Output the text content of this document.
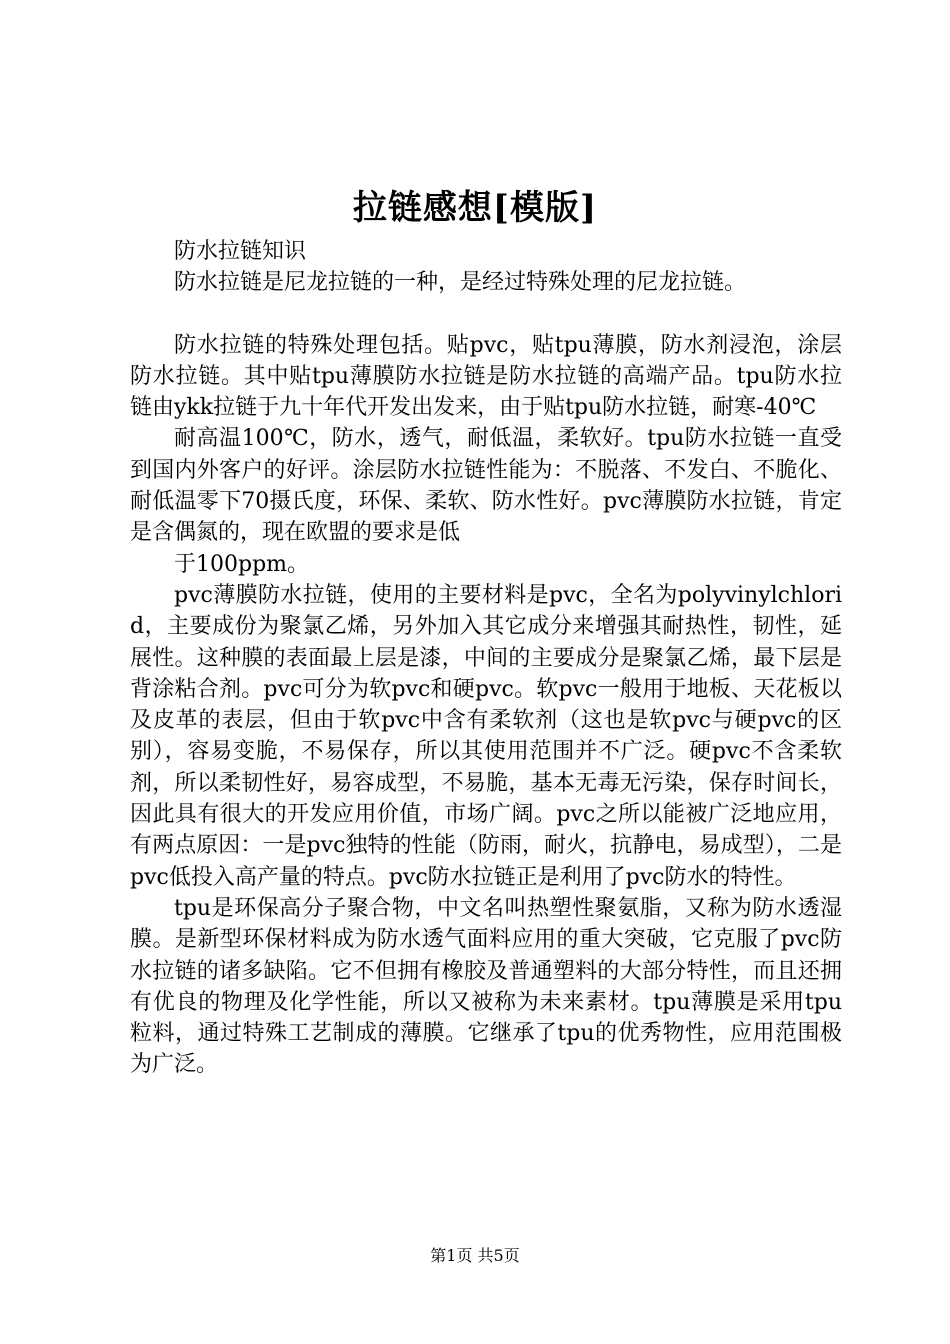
拉链感想[模版]

防水拉链知识

防水拉链是尼龙拉链的一种，是经过特殊处理的尼龙拉链。

防水拉链的特殊处理包括。贴pvc，贴tpu薄膜，防水剂浸泡，涂层防水拉链。其中贴tpu薄膜防水拉链是防水拉链的高端产品。tpu防水拉链由ykk拉链于九十年代开发出发来，由于贴tpu防水拉链，耐寒-40℃

耐高温100℃，防水，透气，耐低温，柔软好。tpu防水拉链一直受到国内外客户的好评。涂层防水拉链性能为：不脱落、不发白、不脆化、耐低温零下70摄氏度，环保、柔软、防水性好。pvc薄膜防水拉链，肯定是含偶氮的，现在欧盟的要求是低

于100ppm。

pvc薄膜防水拉链，使用的主要材料是pvc，全名为polyvinylchlorid，主要成份为聚氯乙烯，另外加入其它成分来增强其耐热性，韧性，延展性。这种膜的表面最上层是漆，中间的主要成分是聚氯乙烯，最下层是背涂粘合剂。pvc可分为软pvc和硬pvc。软pvc一般用于地板、天花板以及皮革的表层，但由于软pvc中含有柔软剂（这也是软pvc与硬pvc的区别），容易变脆，不易保存，所以其使用范围并不广泛。硬pvc不含柔软剂，所以柔韧性好，易容成型，不易脆，基本无毒无污染，保存时间长，因此具有很大的开发应用价值，市场广阔。pvc之所以能被广泛地应用，有两点原因：一是pvc独特的性能（防雨，耐火，抗静电，易成型），二是pvc低投入高产量的特点。pvc防水拉链正是利用了pvc防水的特性。

tpu是环保高分子聚合物，中文名叫热塑性聚氨脂，又称为防水透湿膜。是新型环保材料成为防水透气面料应用的重大突破，它克服了pvc防水拉链的诸多缺陷。它不但拥有橡胶及普通塑料的大部分特性，而且还拥有优良的物理及化学性能，所以又被称为未来素材。tpu薄膜是采用tpu粒料，通过特殊工艺制成的薄膜。它继承了tpu的优秀物性，应用范围极为广泛。

第1页 共5页
